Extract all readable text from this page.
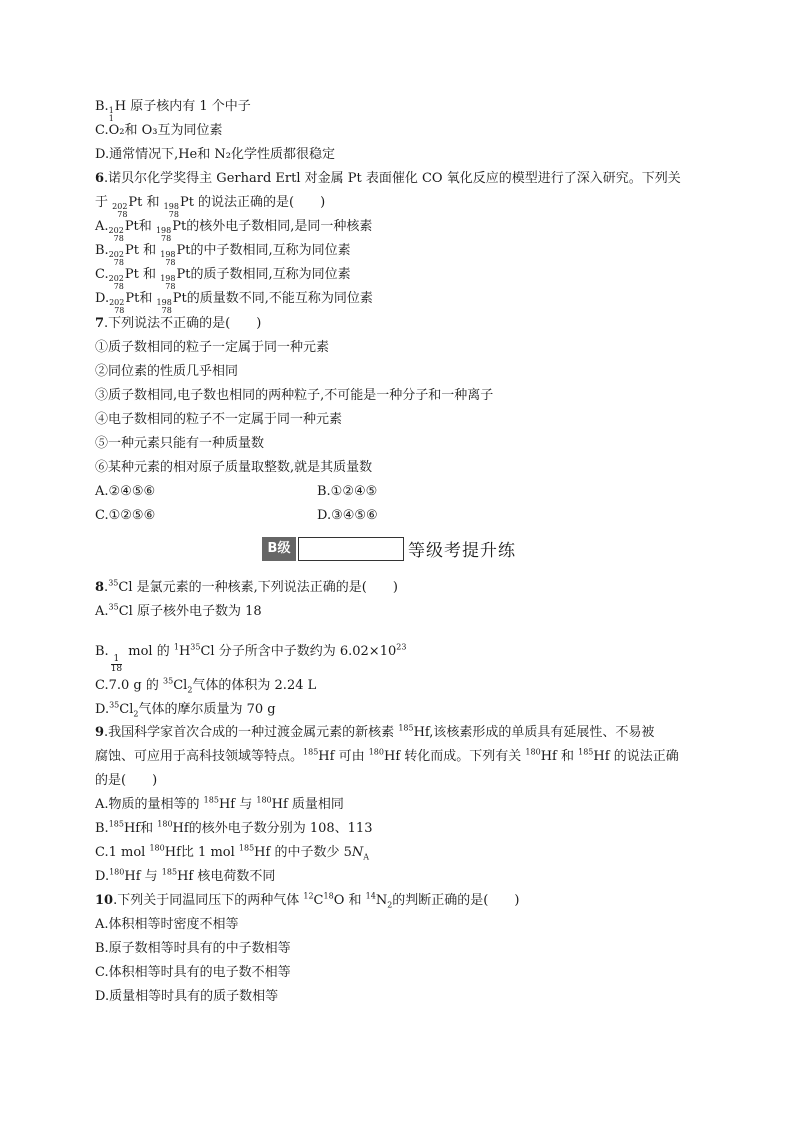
B. 1
1
H 原子核内有 1 个中子
C.O₂和 O₃互为同位素
D.通常情况下,He和 N₂化学性质都很稳定
6.诺贝尔化学奖得主 Gerhard Ertl 对金属 Pt 表面催化 CO 氧化反应的模型进行了深入研究。下列关
于 202
78
Pt 和 198
78
Pt 的说法正确的是(　　)
A. 202
78
Pt和 198
78
Pt的核外电子数相同,是同一种核素
B. 202
78
Pt 和 198
78
Pt的中子数相同,互称为同位素
C. 202
78
Pt 和 198
78
Pt的质子数相同,互称为同位素
D. 202
78
Pt和 198
78
Pt的质量数不同,不能互称为同位素
7.下列说法不正确的是(　　)
①质子数相同的粒子一定属于同一种元素
②同位素的性质几乎相同
③质子数相同,电子数也相同的两种粒子,不可能是一种分子和一种离子
④电子数相同的粒子不一定属于同一种元素
⑤一种元素只能有一种质量数
⑥某种元素的相对原子质量取整数,就是其质量数
A.②④⑤⑥	B.①②④⑤
C.①②⑤⑥	D.③④⑤⑥
B级	等级考提升练
8.35Cl 是氯元素的一种核素,下列说法正确的是(　　)
A.$^{35}$Cl 原子核外电子数为 18
B.
$\frac{1}{18}$
mol 的 $^1H^{35}Cl$ 分子所含中子数约为 $6.02\times 10^{23}$
C.7.0 g 的 $^{35}Cl_2$气体的体积为 2.24 L
$D.^{35}Cl_2$气体的摩尔质量为 70 g
9.我国科学家首次合成的一种过渡金属元素的新核素 $^{185}$Hf,该核素形成的单质具有延展性、不易被
腐蚀、可应用于高科技领域等特点。$^{185}$Hf 可由 $^{180}$Hf 转化而成。下列有关 $^{180}$Hf 和 $^{185}$Hf 的说法正确
的是(　　)
A.物质的量相等的 $^{185}$Hf 与 $^{180}$Hf 质量相同
B.$^{185}$Hf和 $^{180}$Hf的核外电子数分别为 108、113
C.1 mol $^{180}$Hf比 1 mol $^{185}$Hf 的中子数少 $5N_A$
D.$^{180}$Hf 与 $^{185}$Hf 核电荷数不同
10.下列关于同温同压下的两种气体 $^{12}C^{18}O$ 和 $^{14}N_2$的判断正确的是(　　)
A.体积相等时密度不相等
B.原子数相等时具有的中子数相等
C.体积相等时具有的电子数不相等
D.质量相等时具有的质子数相等
